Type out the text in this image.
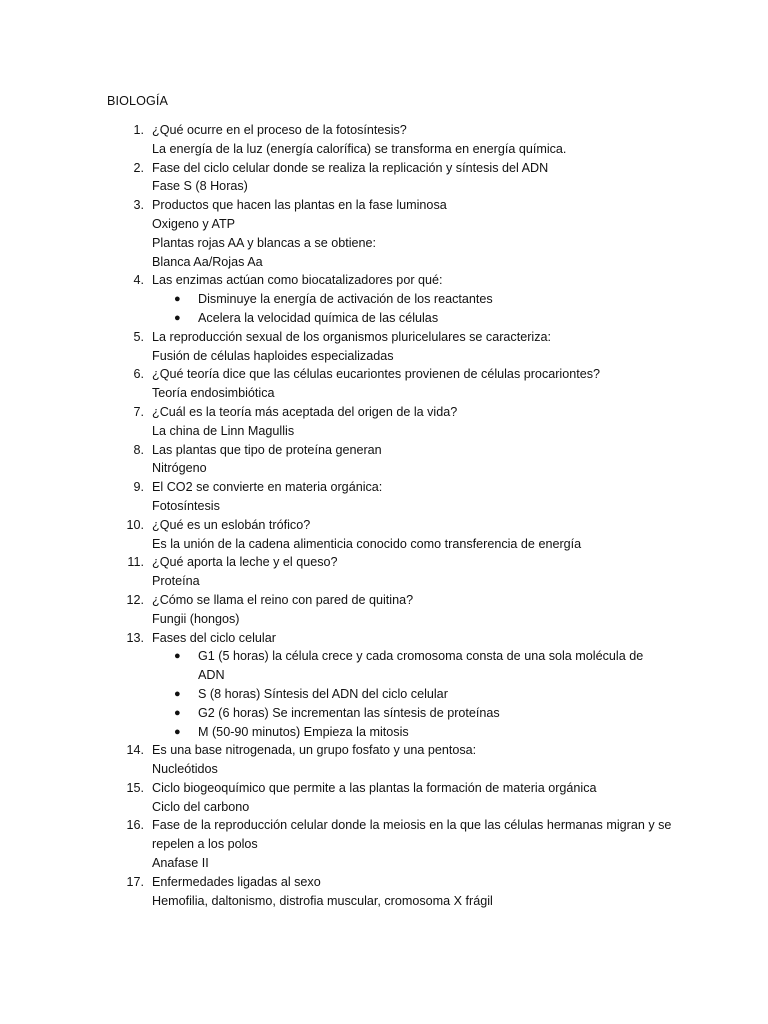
BIOLOGÍA
1. ¿Qué ocurre en el proceso de la fotosíntesis?
La energía de la luz (energía calorífica) se transforma en energía química.
2. Fase del ciclo celular donde se realiza la replicación y síntesis del ADN
Fase S (8 Horas)
3. Productos que hacen las plantas en la fase luminosa
Oxigeno y ATP
Plantas rojas AA y blancas a se obtiene:
Blanca Aa/Rojas Aa
4. Las enzimas actúan como biocatalizadores por qué:
● Disminuye la energía de activación de los reactantes
● Acelera la velocidad química de las células
5. La reproducción sexual de los organismos pluricelulares se caracteriza:
Fusión de células haploides especializadas
6. ¿Qué teoría dice que las células eucariontes provienen de células procariontes?
Teoría endosimbiótica
7. ¿Cuál es la teoría más aceptada del origen de la vida?
La china de Linn Magullis
8. Las plantas que tipo de proteína generan
Nitrógeno
9. El CO2 se convierte en materia orgánica:
Fotosíntesis
10. ¿Qué es un eslobán trófico?
Es la unión de la cadena alimenticia conocido como transferencia de energía
11. ¿Qué aporta la leche y el queso?
Proteína
12. ¿Cómo se llama el reino con pared de quitina?
Fungii (hongos)
13. Fases del ciclo celular
● G1 (5 horas) la célula crece y cada cromosoma consta de una sola molécula de ADN
● S (8 horas) Síntesis del ADN del ciclo celular
● G2 (6 horas) Se incrementan las síntesis de proteínas
● M (50-90 minutos) Empieza la mitosis
14. Es una base nitrogenada, un grupo fosfato y una pentosa:
Nucleótidos
15. Ciclo biogeoquímico que permite a las plantas la formación de materia orgánica
Ciclo del carbono
16. Fase de la reproducción celular donde la meiosis en la que las células hermanas migran y se repelen a los polos
Anafase II
17. Enfermedades ligadas al sexo
Hemofilia, daltonismo, distrofia muscular, cromosoma X frágil
